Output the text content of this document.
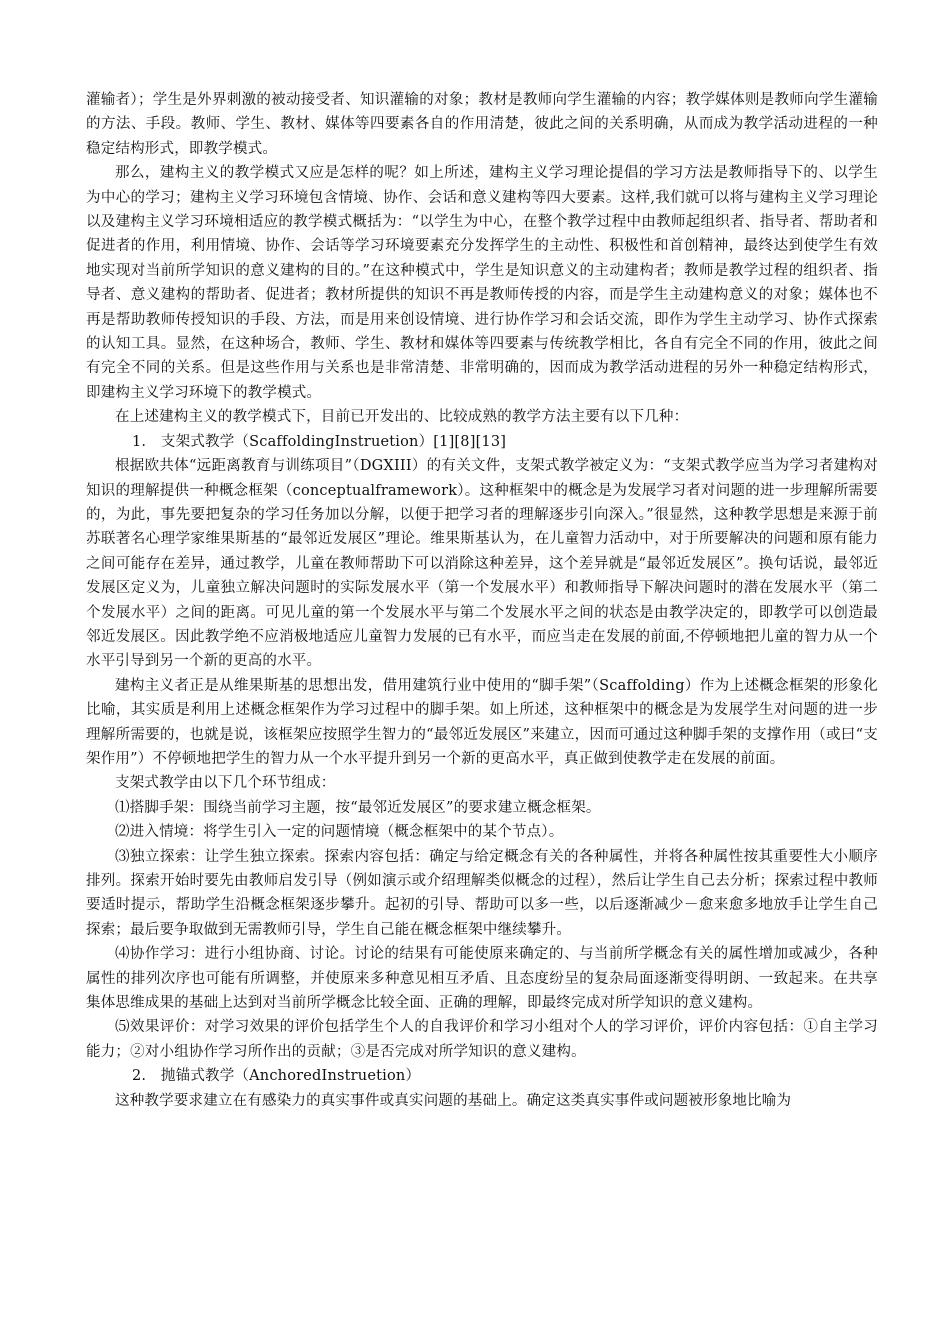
灌输者）；学生是外界刺激的被动接受者、知识灌输的对象；教材是教师向学生灌输的内容；教学媒体则是教师向学生灌输的方法、手段。教师、学生、教材、媒体等四要素各自的作用清楚，彼此之间的关系明确，从而成为教学活动进程的一种稳定结构形式，即教学模式。

那么，建构主义的教学模式又应是怎样的呢？如上所述，建构主义学习理论提倡的学习方法是教师指导下的、以学生为中心的学习；建构主义学习环境包含情境、协作、会话和意义建构等四大要素。这样,我们就可以将与建构主义学习理论以及建构主义学习环境相适应的教学模式概括为：“以学生为中心，在整个教学过程中由教师起组织者、指导者、帮助者和促进者的作用，利用情境、协作、会话等学习环境要素充分发挥学生的主动性、积极性和首创精神，最终达到使学生有效地实现对当前所学知识的意义建构的目的。”在这种模式中，学生是知识意义的主动建构者；教师是教学过程的组织者、指导者、意义建构的帮助者、促进者；教材所提供的知识不再是教师传授的内容，而是学生主动建构意义的对象；媒体也不再是帮助教师传授知识的手段、方法，而是用来创设情境、进行协作学习和会话交流，即作为学生主动学习、协作式探索的认知工具。显然，在这种场合，教师、学生、教材和媒体等四要素与传统教学相比，各自有完全不同的作用，彼此之间有完全不同的关系。但是这些作用与关系也是非常清楚、非常明确的，因而成为教学活动进程的另外一种稳定结构形式，即建构主义学习环境下的教学模式。

在上述建构主义的教学模式下，目前已开发出的、比较成熟的教学方法主要有以下几种：

1.　支架式教学（ScaffoldingInstruetion）[1][8][13]

根据欧共体“远距离教育与训练项目”（DGXIII）的有关文件，支架式教学被定义为：“支架式教学应当为学习者建构对知识的理解提供一种概念框架（conceptualframework）。这种框架中的概念是为发展学习者对问题的进一步理解所需要的，为此，事先要把复杂的学习任务加以分解，以便于把学习者的理解逐步引向深入。”很显然，这种教学思想是来源于前苏联著名心理学家维果斯基的“最邻近发展区”理论。维果斯基认为，在儿童智力活动中，对于所要解决的问题和原有能力之间可能存在差异，通过教学，儿童在教师帮助下可以消除这种差异，这个差异就是“最邻近发展区”。换句话说，最邻近发展区定义为，儿童独立解决问题时的实际发展水平（第一个发展水平）和教师指导下解决问题时的潜在发展水平（第二个发展水平）之间的距离。可见儿童的第一个发展水平与第二个发展水平之间的状态是由教学决定的，即教学可以创造最邻近发展区。因此教学绝不应消极地适应儿童智力发展的已有水平，而应当走在发展的前面,不停顿地把儿童的智力从一个水平引导到另一个新的更高的水平。

建构主义者正是从维果斯基的思想出发，借用建筑行业中使用的“脚手架”（Scaffolding）作为上述概念框架的形象化比喻，其实质是利用上述概念框架作为学习过程中的脚手架。如上所述，这种框架中的概念是为发展学生对问题的进一步理解所需要的，也就是说，该框架应按照学生智力的“最邻近发展区”来建立，因而可通过这种脚手架的支撑作用（或曰“支架作用”）不停顿地把学生的智力从一个水平提升到另一个新的更高水平，真正做到使教学走在发展的前面。

支架式教学由以下几个环节组成：

⑴搭脚手架：围绕当前学习主题，按“最邻近发展区”的要求建立概念框架。

⑵进入情境：将学生引入一定的问题情境（概念框架中的某个节点）。

⑶独立探索：让学生独立探索。探索内容包括：确定与给定概念有关的各种属性，并将各种属性按其重要性大小顺序排列。探索开始时要先由教师启发引导（例如演示或介绍理解类似概念的过程），然后让学生自己去分析；探索过程中教师要适时提示，帮助学生沿概念框架逐步攀升。起初的引导、帮助可以多一些，以后逐渐减少－愈来愈多地放手让学生自己探索；最后要争取做到无需教师引导，学生自己能在概念框架中继续攀升。

⑷协作学习：进行小组协商、讨论。讨论的结果有可能使原来确定的、与当前所学概念有关的属性增加或减少，各种属性的排列次序也可能有所调整，并使原来多种意见相互矛盾、且态度纷呈的复杂局面逐渐变得明朗、一致起来。在共享集体思维成果的基础上达到对当前所学概念比较全面、正确的理解，即最终完成对所学知识的意义建构。

⑸效果评价：对学习效果的评价包括学生个人的自我评价和学习小组对个人的学习评价，评价内容包括：①自主学习能力；②对小组协作学习所作出的贡献；③是否完成对所学知识的意义建构。

2.　抛锚式教学（AnchoredInstruetion）

这种教学要求建立在有感染力的真实事件或真实问题的基础上。确定这类真实事件或问题被形象地比喻为
